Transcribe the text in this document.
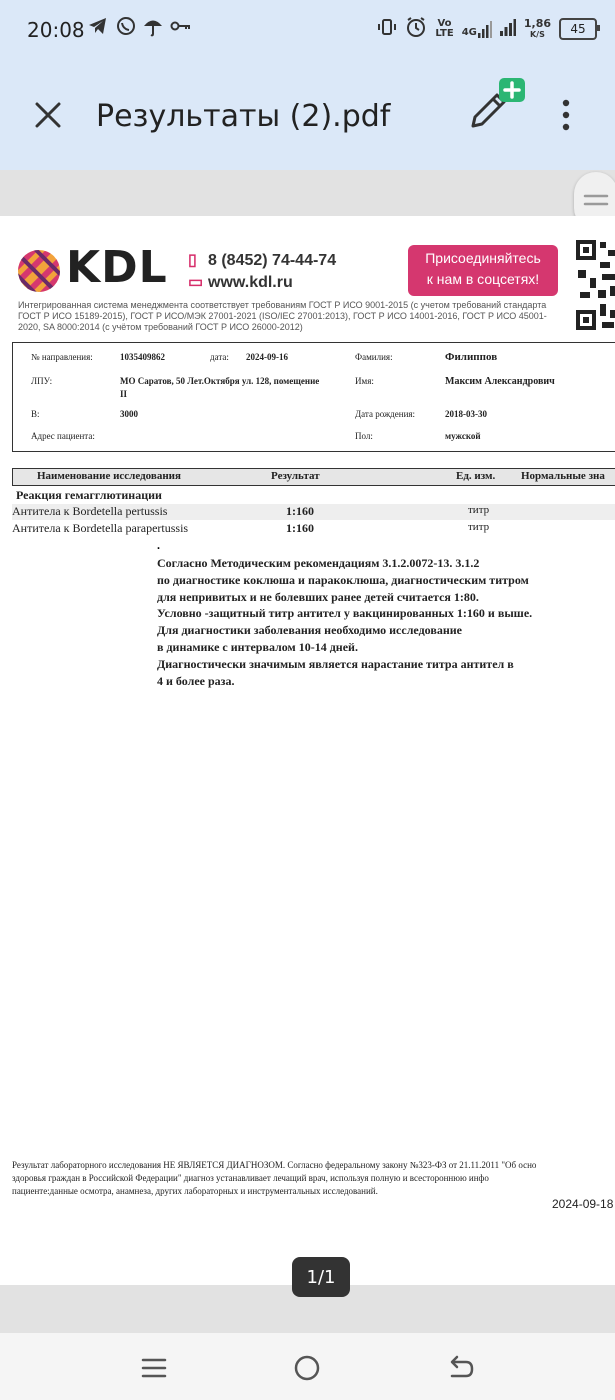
20:08	Vo
LTE 4G
1,86
K/S	45
Результаты (2).pdf
KDL ▯ 8 (8452) 74-44-74
▭ www.kdl.ru
Присоединяйтесь
к нам в соцсетях!
Интегрированная система менеджмента соответствует требованиям ГОСТ Р ИСО 9001-2015 (с учетом требований стандарта ГОСТ Р ИСО 15189-2015), ГОСТ Р ИСО/МЭК 27001-2021 (ISO/IEC 27001:2013), ГОСТ Р ИСО 14001-2016, ГОСТ Р ИСО 45001-2020, SA 8000:2014 (с учётом требований ГОСТ Р ИСО 26000-2012)
№ направления:	1035409862	дата: 2024-09-16	Фамилия:	Филиппов
ЛПУ:	МО Саратов, 50 Лет.Октября ул. 128, помещение
II
Имя:	Максим Александрович
В:	3000	Дата рождения:	2018-03-30
Адрес пациента:	Пол:	мужской
Наименование исследования	Результат	Ед. изм. Нормальные зна
Реакция гемагглютинации
Антитела к Bordetella pertussis	1:160	титр
Антитела к Bordetella parapertussis	1:160	титр
.
Согласно Методическим рекомендациям 3.1.2.0072-13. 3.1.2
по диагностике коклюша и паракоклюша, диагностическим титром
для непривитых и не болевших ранее детей считается 1:80.
Условно -защитный титр антител у вакцинированных 1:160 и выше.
Для диагностики заболевания необходимо исследование
в динамике с интервалом 10-14 дней.
Диагностически значимым является нарастание титра антител в
4 и более раза.
Результат лабораторного исследования НЕ ЯВЛЯЕТСЯ ДИАГНОЗОМ. Согласно федеральному закону №323-ФЗ от 21.11.2011 "Об осно
здоровья граждан в Российской Федерации" диагноз устанавливает лечащий врач, используя полную и всестороннюю инфо
пациенте:данные осмотра, анамнеза, других лабораторных и инструментальных исследований.
2024-09-18
1/1
